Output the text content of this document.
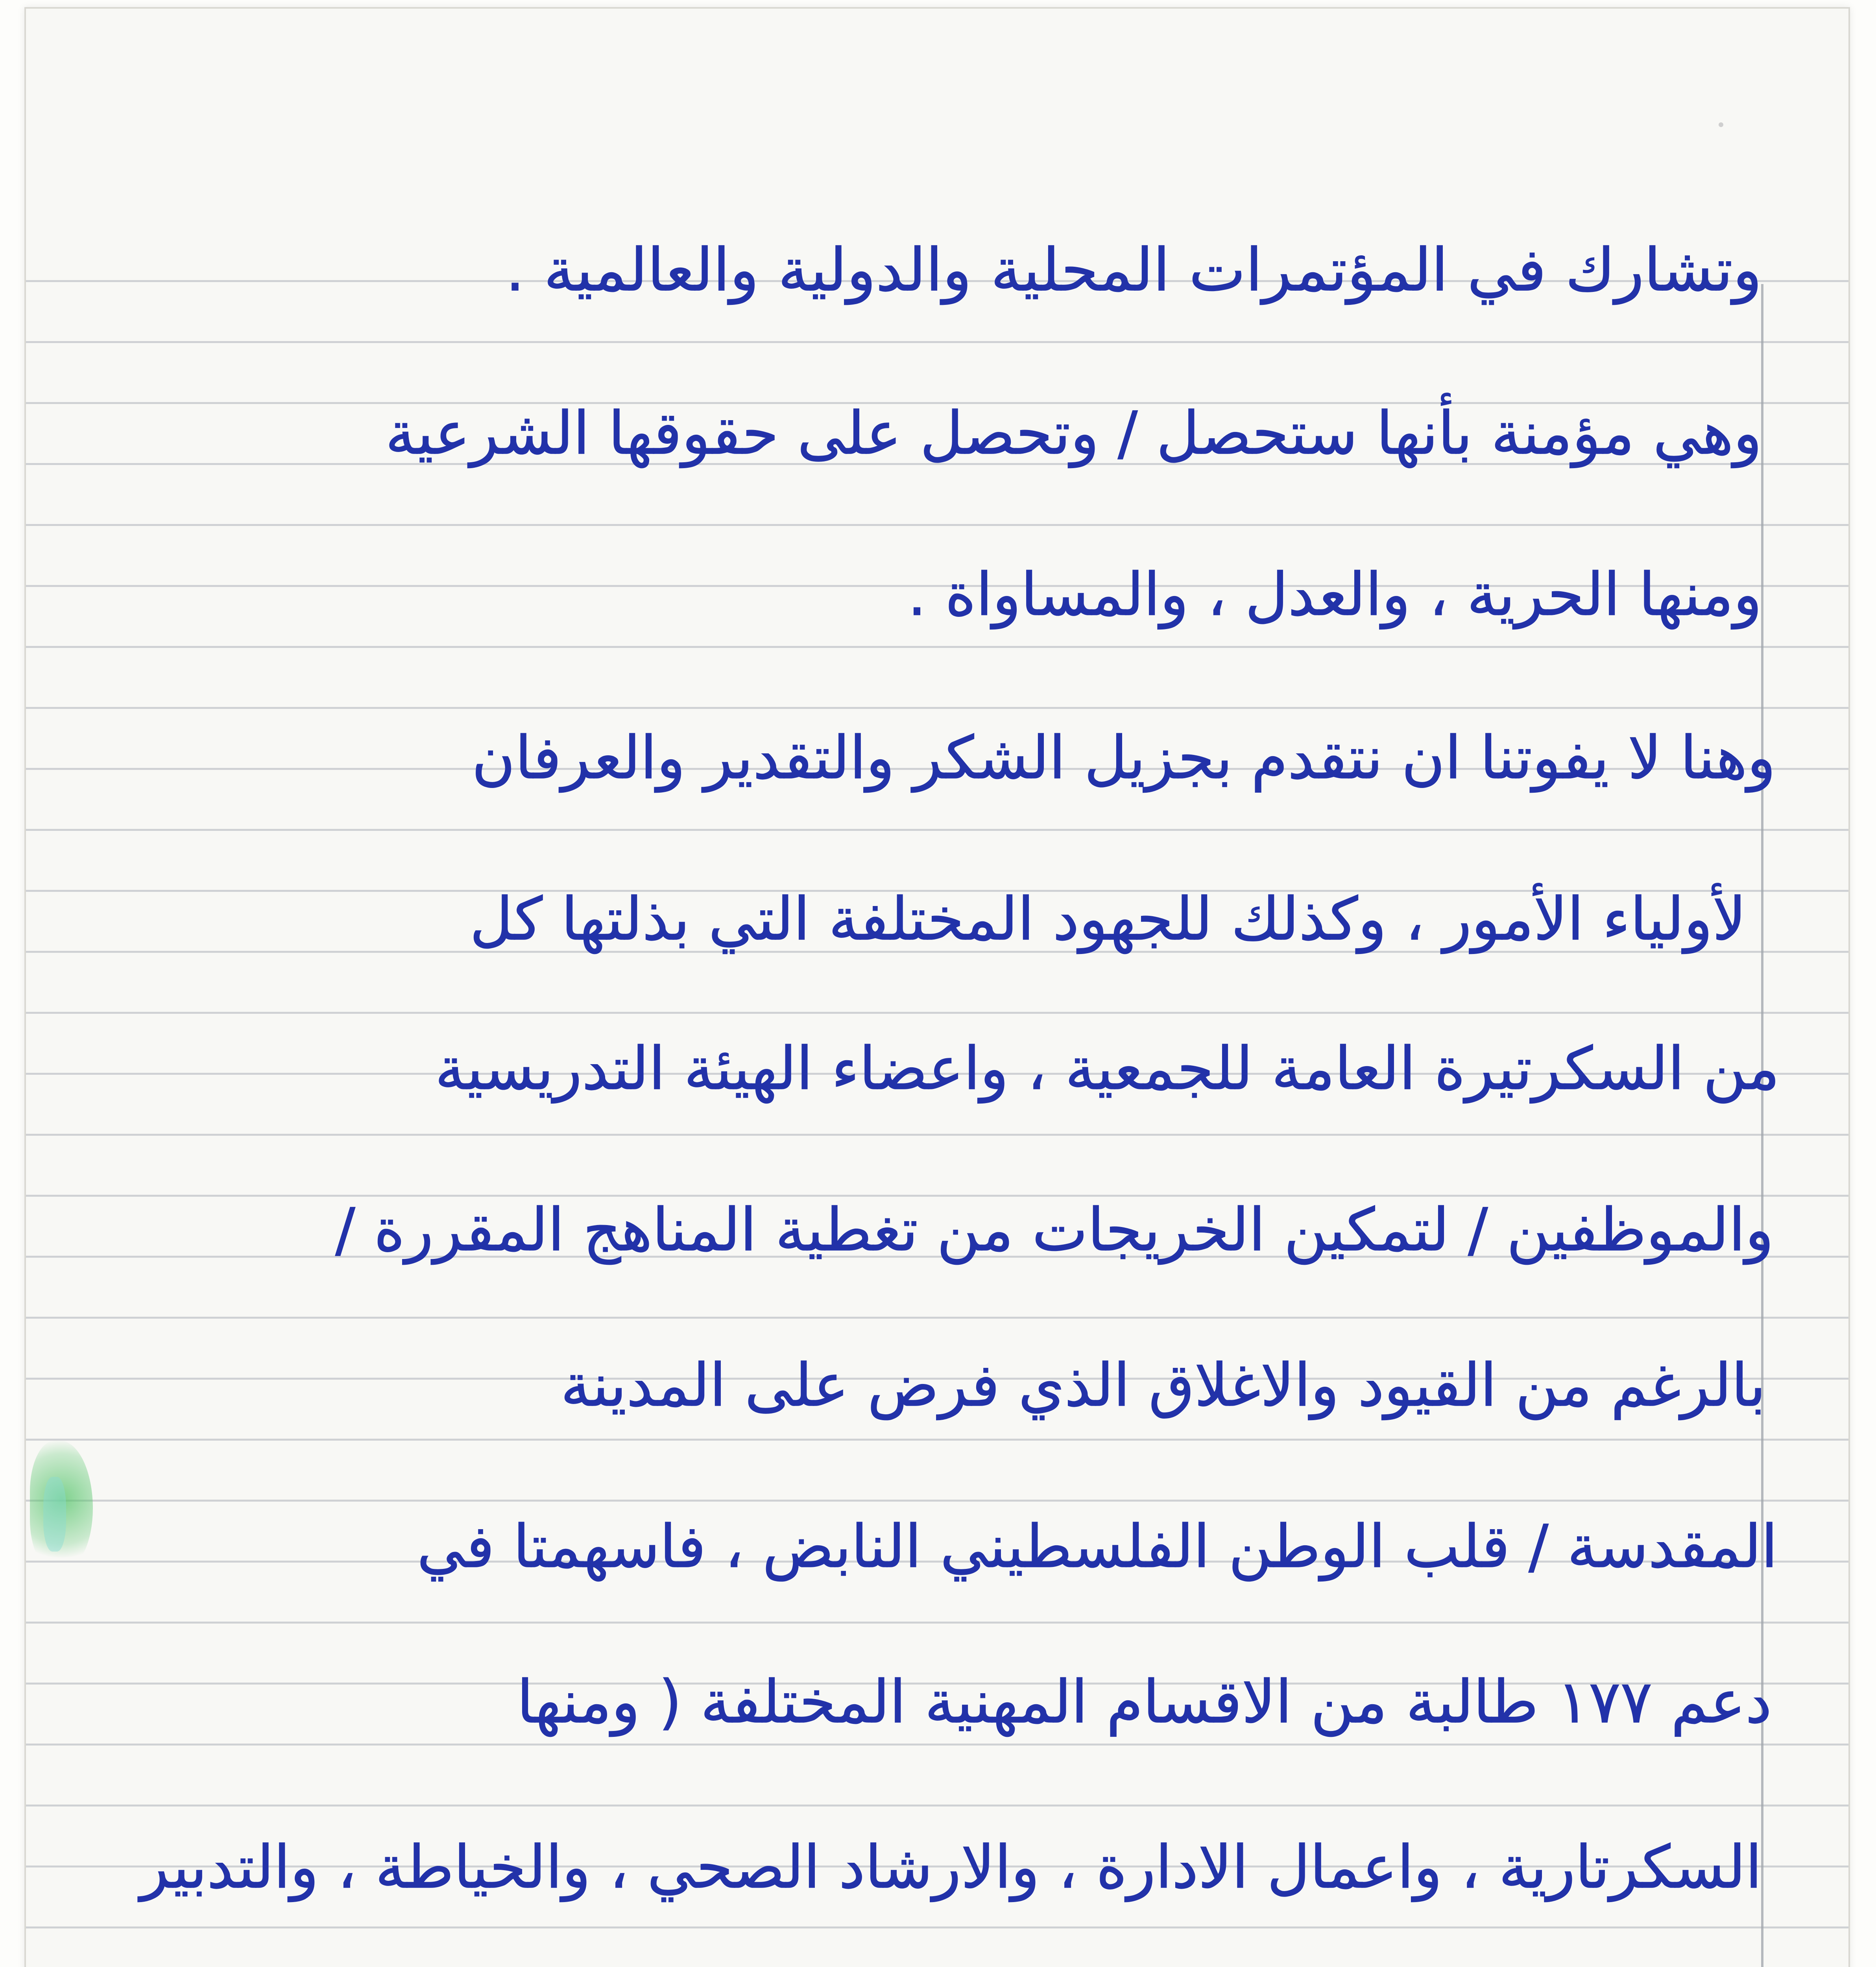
وتشارك في المؤتمرات المحلية والدولية والعالمية .
وهي مؤمنة بأنها ستحصل / وتحصل على حقوقها الشرعية
ومنها الحرية ، والعدل ، والمساواة .
وهنا لا يفوتنا ان نتقدم بجزيل الشكر والتقدير والعرفان
لأولياء الأمور ، وكذلك للجهود المختلفة التي بذلتها كل
من السكرتيرة العامة للجمعية ، واعضاء الهيئة التدريسية
والموظفين / لتمكين الخريجات من تغطية المناهج المقررة /
بالرغم من القيود والاغلاق الذي فرض على المدينة
المقدسة / قلب الوطن الفلسطيني النابض ، فاسهمتا في
دعم ١٧٧ طالبة من الاقسام المهنية المختلفة ( ومنها
السكرتارية ، واعمال الادارة ، والارشاد الصحي ، والخياطة ، والتدبير
